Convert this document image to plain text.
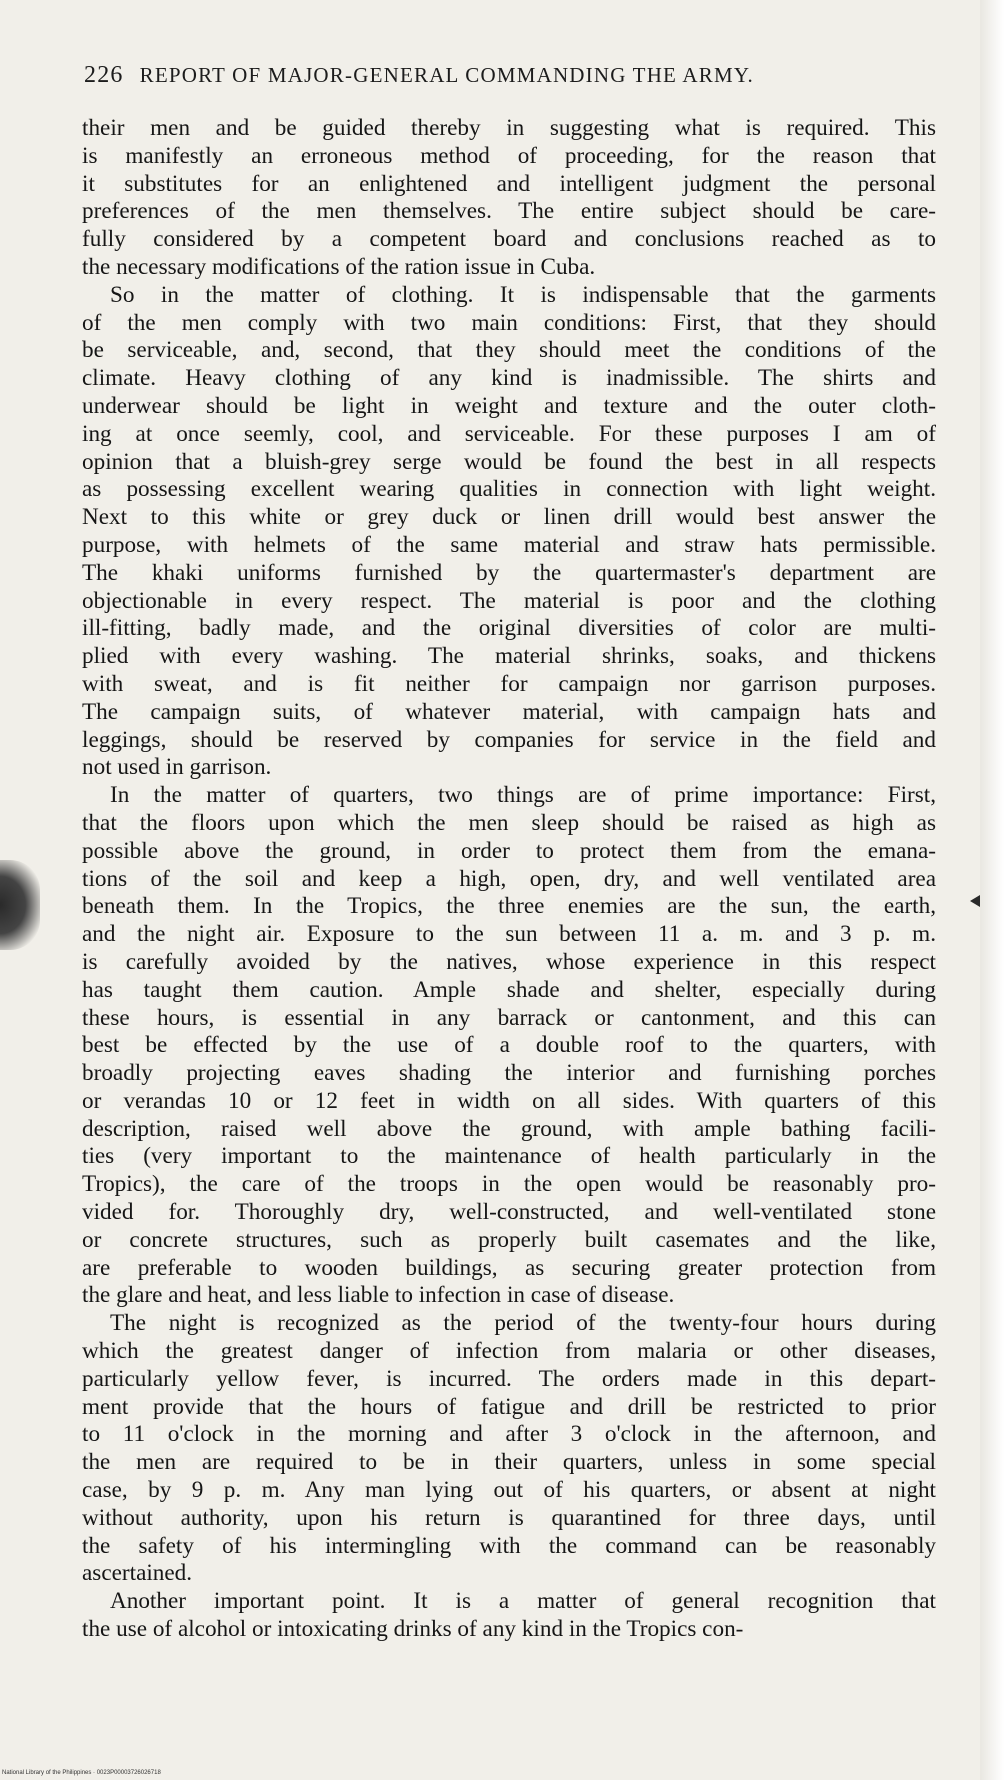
226 REPORT OF MAJOR-GENERAL COMMANDING THE ARMY.
their men and be guided thereby in suggesting what is required. This
is manifestly an erroneous method of proceeding, for the reason that
it substitutes for an enlightened and intelligent judgment the personal
preferences of the men themselves. The entire subject should be care-
fully considered by a competent board and conclusions reached as to
the necessary modifications of the ration issue in Cuba.
So in the matter of clothing. It is indispensable that the garments
of the men comply with two main conditions: First, that they should
be serviceable, and, second, that they should meet the conditions of the
climate. Heavy clothing of any kind is inadmissible. The shirts and
underwear should be light in weight and texture and the outer cloth-
ing at once seemly, cool, and serviceable. For these purposes I am of
opinion that a bluish-grey serge would be found the best in all respects
as possessing excellent wearing qualities in connection with light weight.
Next to this white or grey duck or linen drill would best answer the
purpose, with helmets of the same material and straw hats permissible.
The khaki uniforms furnished by the quartermaster's department are
objectionable in every respect. The material is poor and the clothing
ill-fitting, badly made, and the original diversities of color are multi-
plied with every washing. The material shrinks, soaks, and thickens
with sweat, and is fit neither for campaign nor garrison purposes.
The campaign suits, of whatever material, with campaign hats and
leggings, should be reserved by companies for service in the field and
not used in garrison.
In the matter of quarters, two things are of prime importance: First,
that the floors upon which the men sleep should be raised as high as
possible above the ground, in order to protect them from the emana-
tions of the soil and keep a high, open, dry, and well ventilated area
beneath them. In the Tropics, the three enemies are the sun, the earth,
and the night air. Exposure to the sun between 11 a. m. and 3 p. m.
is carefully avoided by the natives, whose experience in this respect
has taught them caution. Ample shade and shelter, especially during
these hours, is essential in any barrack or cantonment, and this can
best be effected by the use of a double roof to the quarters, with
broadly projecting eaves shading the interior and furnishing porches
or verandas 10 or 12 feet in width on all sides. With quarters of this
description, raised well above the ground, with ample bathing facili-
ties (very important to the maintenance of health particularly in the
Tropics), the care of the troops in the open would be reasonably pro-
vided for. Thoroughly dry, well-constructed, and well-ventilated stone
or concrete structures, such as properly built casemates and the like,
are preferable to wooden buildings, as securing greater protection from
the glare and heat, and less liable to infection in case of disease.
The night is recognized as the period of the twenty-four hours during
which the greatest danger of infection from malaria or other diseases,
particularly yellow fever, is incurred. The orders made in this depart-
ment provide that the hours of fatigue and drill be restricted to prior
to 11 o'clock in the morning and after 3 o'clock in the afternoon, and
the men are required to be in their quarters, unless in some special
case, by 9 p. m. Any man lying out of his quarters, or absent at night
without authority, upon his return is quarantined for three days, until
the safety of his intermingling with the command can be reasonably
ascertained.
Another important point. It is a matter of general recognition that
the use of alcohol or intoxicating drinks of any kind in the Tropics con-
National Library of the Philippines · 0023P00003726026718
